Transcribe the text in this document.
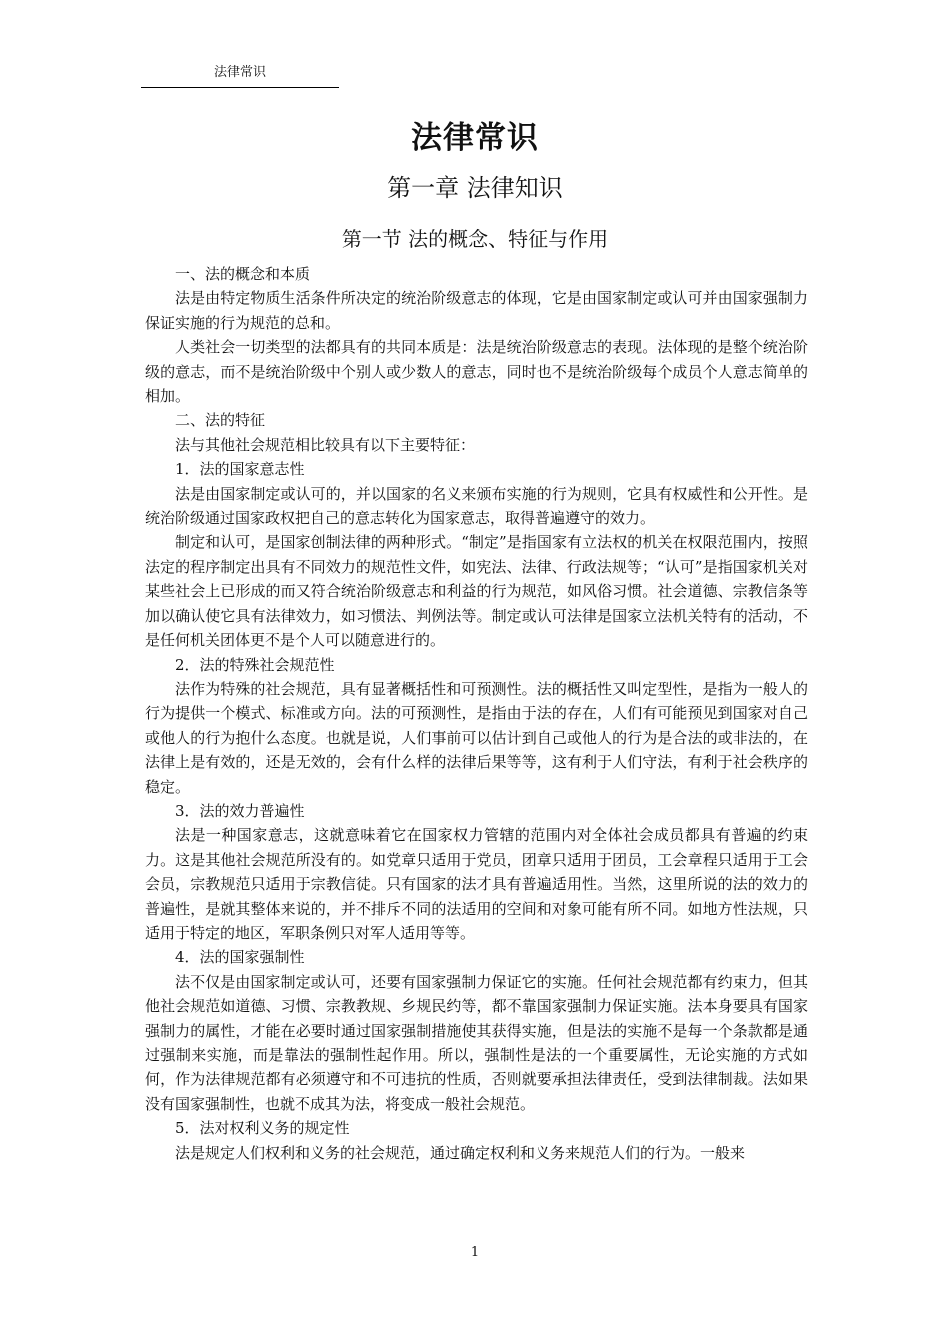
法律常识
法律常识
第一章 法律知识
第一节 法的概念、特征与作用

一、法的概念和本质

法是由特定物质生活条件所决定的统治阶级意志的体现，它是由国家制定或认可并由国家强制力保证实施的行为规范的总和。

人类社会一切类型的法都具有的共同本质是：法是统治阶级意志的表现。法体现的是整个统治阶级的意志，而不是统治阶级中个别人或少数人的意志，同时也不是统治阶级每个成员个人意志简单的相加。

二、法的特征

法与其他社会规范相比较具有以下主要特征：

1．法的国家意志性

法是由国家制定或认可的，并以国家的名义来颁布实施的行为规则，它具有权威性和公开性。是统治阶级通过国家政权把自己的意志转化为国家意志，取得普遍遵守的效力。

制定和认可，是国家创制法律的两种形式。“制定”是指国家有立法权的机关在权限范围内，按照法定的程序制定出具有不同效力的规范性文件，如宪法、法律、行政法规等；“认可”是指国家机关对某些社会上已形成的而又符合统治阶级意志和利益的行为规范，如风俗习惯。社会道德、宗教信条等加以确认使它具有法律效力，如习惯法、判例法等。制定或认可法律是国家立法机关特有的活动，不是任何机关团体更不是个人可以随意进行的。

2．法的特殊社会规范性

法作为特殊的社会规范，具有显著概括性和可预测性。法的概括性又叫定型性，是指为一般人的行为提供一个模式、标准或方向。法的可预测性，是指由于法的存在，人们有可能预见到国家对自己或他人的行为抱什么态度。也就是说，人们事前可以估计到自己或他人的行为是合法的或非法的，在法律上是有效的，还是无效的，会有什么样的法律后果等等，这有利于人们守法，有利于社会秩序的稳定。

3．法的效力普遍性

法是一种国家意志，这就意味着它在国家权力管辖的范围内对全体社会成员都具有普遍的约束力。这是其他社会规范所没有的。如党章只适用于党员，团章只适用于团员，工会章程只适用于工会会员，宗教规范只适用于宗教信徒。只有国家的法才具有普遍适用性。当然，这里所说的法的效力的普遍性，是就其整体来说的，并不排斥不同的法适用的空间和对象可能有所不同。如地方性法规，只适用于特定的地区，军职条例只对军人适用等等。

4．法的国家强制性

法不仅是由国家制定或认可，还要有国家强制力保证它的实施。任何社会规范都有约束力，但其他社会规范如道德、习惯、宗教教规、乡规民约等，都不靠国家强制力保证实施。法本身要具有国家强制力的属性，才能在必要时通过国家强制措施使其获得实施，但是法的实施不是每一个条款都是通过强制来实施，而是靠法的强制性起作用。所以，强制性是法的一个重要属性，无论实施的方式如何，作为法律规范都有必须遵守和不可违抗的性质，否则就要承担法律责任，受到法律制裁。法如果没有国家强制性，也就不成其为法，将变成一般社会规范。

5．法对权利义务的规定性

法是规定人们权利和义务的社会规范，通过确定权利和义务来规范人们的行为。一般来

1
